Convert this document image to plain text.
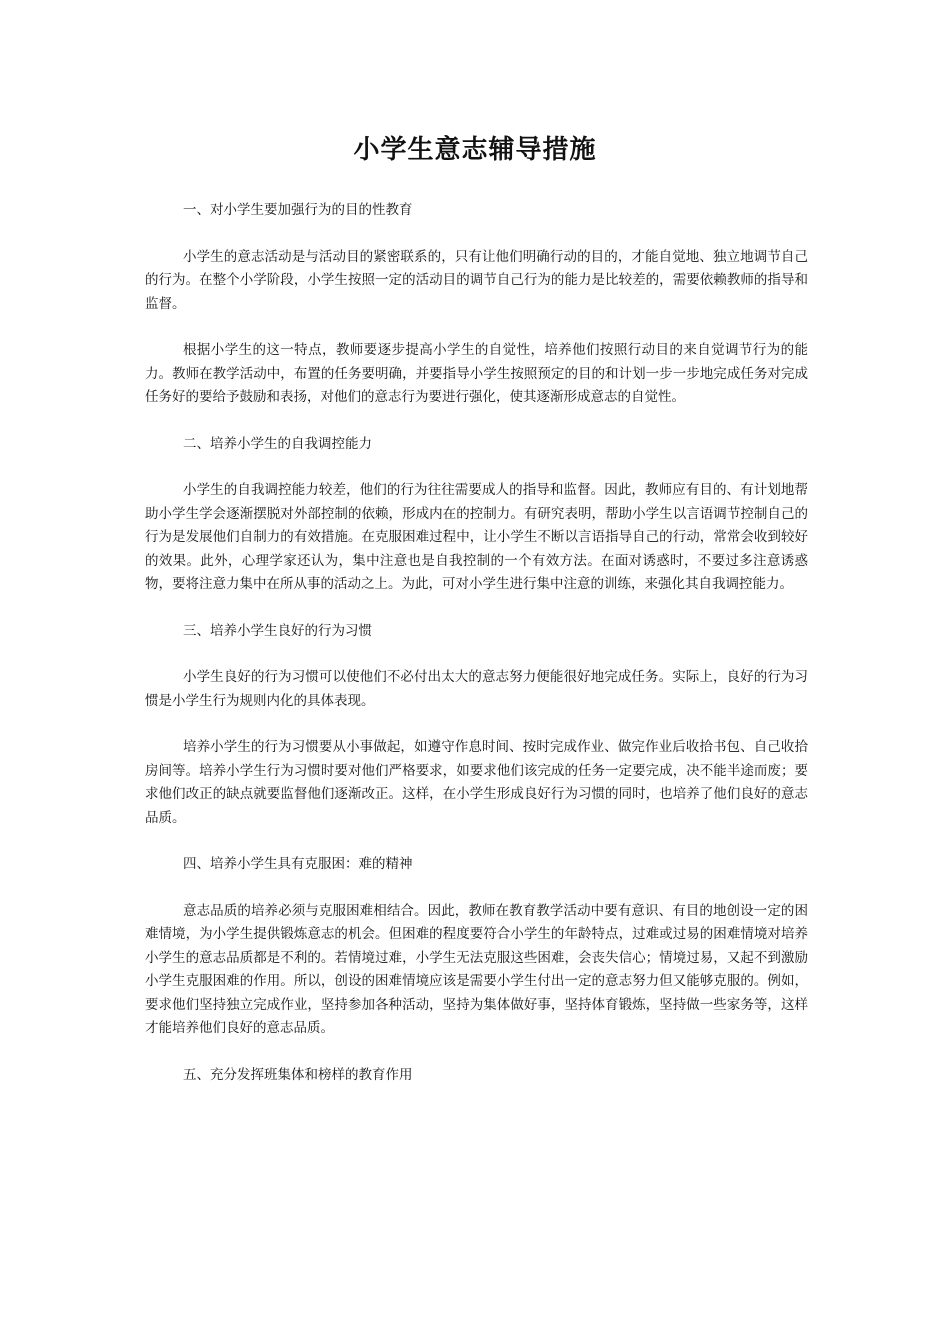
小学生意志辅导措施

一、对小学生要加强行为的目的性教育

小学生的意志活动是与活动目的紧密联系的，只有让他们明确行动的目的，才能自觉地、独立地调节自己的行为。在整个小学阶段，小学生按照一定的活动目的调节自己行为的能力是比较差的，需要依赖教师的指导和监督。

根据小学生的这一特点，教师要逐步提高小学生的自觉性，培养他们按照行动目的来自觉调节行为的能力。教师在教学活动中，布置的任务要明确，并要指导小学生按照预定的目的和计划一步一步地完成任务对完成任务好的要给予鼓励和表扬，对他们的意志行为要进行强化，使其逐渐形成意志的自觉性。

二、培养小学生的自我调控能力

小学生的自我调控能力较差，他们的行为往往需要成人的指导和监督。因此，教师应有目的、有计划地帮助小学生学会逐渐摆脱对外部控制的依赖，形成内在的控制力。有研究表明，帮助小学生以言语调节控制自己的行为是发展他们自制力的有效措施。在克服困难过程中，让小学生不断以言语指导自己的行动，常常会收到较好的效果。此外，心理学家还认为，集中注意也是自我控制的一个有效方法。在面对诱惑时，不要过多注意诱惑物，要将注意力集中在所从事的活动之上。为此，可对小学生进行集中注意的训练，来强化其自我调控能力。

三、培养小学生良好的行为习惯

小学生良好的行为习惯可以使他们不必付出太大的意志努力便能很好地完成任务。实际上，良好的行为习惯是小学生行为规则内化的具体表现。

培养小学生的行为习惯要从小事做起，如遵守作息时间、按时完成作业、做完作业后收拾书包、自己收拾房间等。培养小学生行为习惯时要对他们严格要求，如要求他们该完成的任务一定要完成，决不能半途而废；要求他们改正的缺点就要监督他们逐渐改正。这样，在小学生形成良好行为习惯的同时，也培养了他们良好的意志品质。

四、培养小学生具有克服困：难的精神

意志品质的培养必须与克服困难相结合。因此，教师在教育教学活动中要有意识、有目的地创设一定的困难情境，为小学生提供锻炼意志的机会。但困难的程度要符合小学生的年龄特点，过难或过易的困难情境对培养小学生的意志品质都是不利的。若情境过难，小学生无法克服这些困难，会丧失信心；情境过易，又起不到激励小学生克服困难的作用。所以，创设的困难情境应该是需要小学生付出一定的意志努力但又能够克服的。例如，要求他们坚持独立完成作业，坚持参加各种活动，坚持为集体做好事，坚持体育锻炼，坚持做一些家务等，这样才能培养他们良好的意志品质。

五、充分发挥班集体和榜样的教育作用
